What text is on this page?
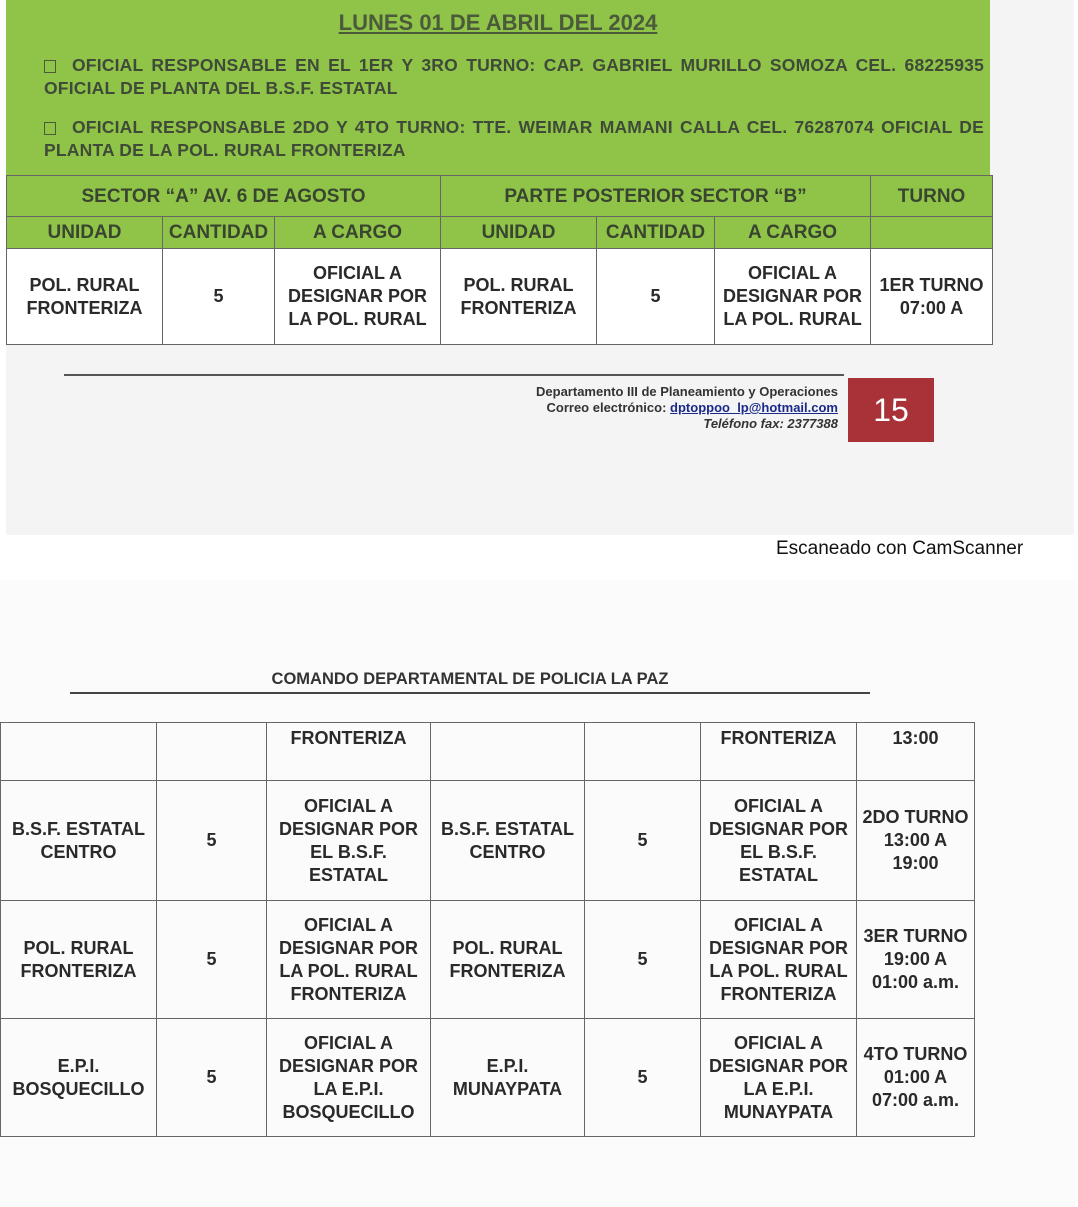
LUNES 01 DE ABRIL DEL 2024
OFICIAL RESPONSABLE EN EL 1ER Y 3RO TURNO: CAP. GABRIEL MURILLO SOMOZA CEL. 68225935 OFICIAL DE PLANTA DEL B.S.F. ESTATAL
OFICIAL RESPONSABLE 2DO Y 4TO TURNO: TTE. WEIMAR MAMANI CALLA CEL. 76287074 OFICIAL DE PLANTA DE LA POL. RURAL FRONTERIZA
SECTOR “A” AV. 6 DE AGOSTO			PARTE POSTERIOR SECTOR “B”			TURNO
UNIDAD	CANTIDAD	A CARGO	UNIDAD	CANTIDAD	A CARGO	
POL. RURAL FRONTERIZA	5	OFICIAL A DESIGNAR POR LA POL. RURAL	POL. RURAL FRONTERIZA	5	OFICIAL A DESIGNAR POR LA POL. RURAL	1ER TURNO 07:00 A
Departamento III de Planeamiento y Operaciones
Correo electrónico: dptoppoo_lp@hotmail.com
Teléfono fax: 2377388	15
Escaneado con CamScanner
COMANDO DEPARTAMENTAL DE POLICIA LA PAZ
		FRONTERIZA			FRONTERIZA	13:00
B.S.F. ESTATAL CENTRO	5	OFICIAL A DESIGNAR POR EL B.S.F. ESTATAL	B.S.F. ESTATAL CENTRO	5	OFICIAL A DESIGNAR POR EL B.S.F. ESTATAL	2DO TURNO 13:00 A 19:00
POL. RURAL FRONTERIZA	5	OFICIAL A DESIGNAR POR LA POL. RURAL FRONTERIZA	POL. RURAL FRONTERIZA	5	OFICIAL A DESIGNAR POR LA POL. RURAL FRONTERIZA	3ER TURNO 19:00 A 01:00 a.m.
E.P.I. BOSQUECILLO	5	OFICIAL A DESIGNAR POR LA E.P.I. BOSQUECILLO	E.P.I. MUNAYPATA	5	OFICIAL A DESIGNAR POR LA E.P.I. MUNAYPATA	4TO TURNO 01:00 A 07:00 a.m.
